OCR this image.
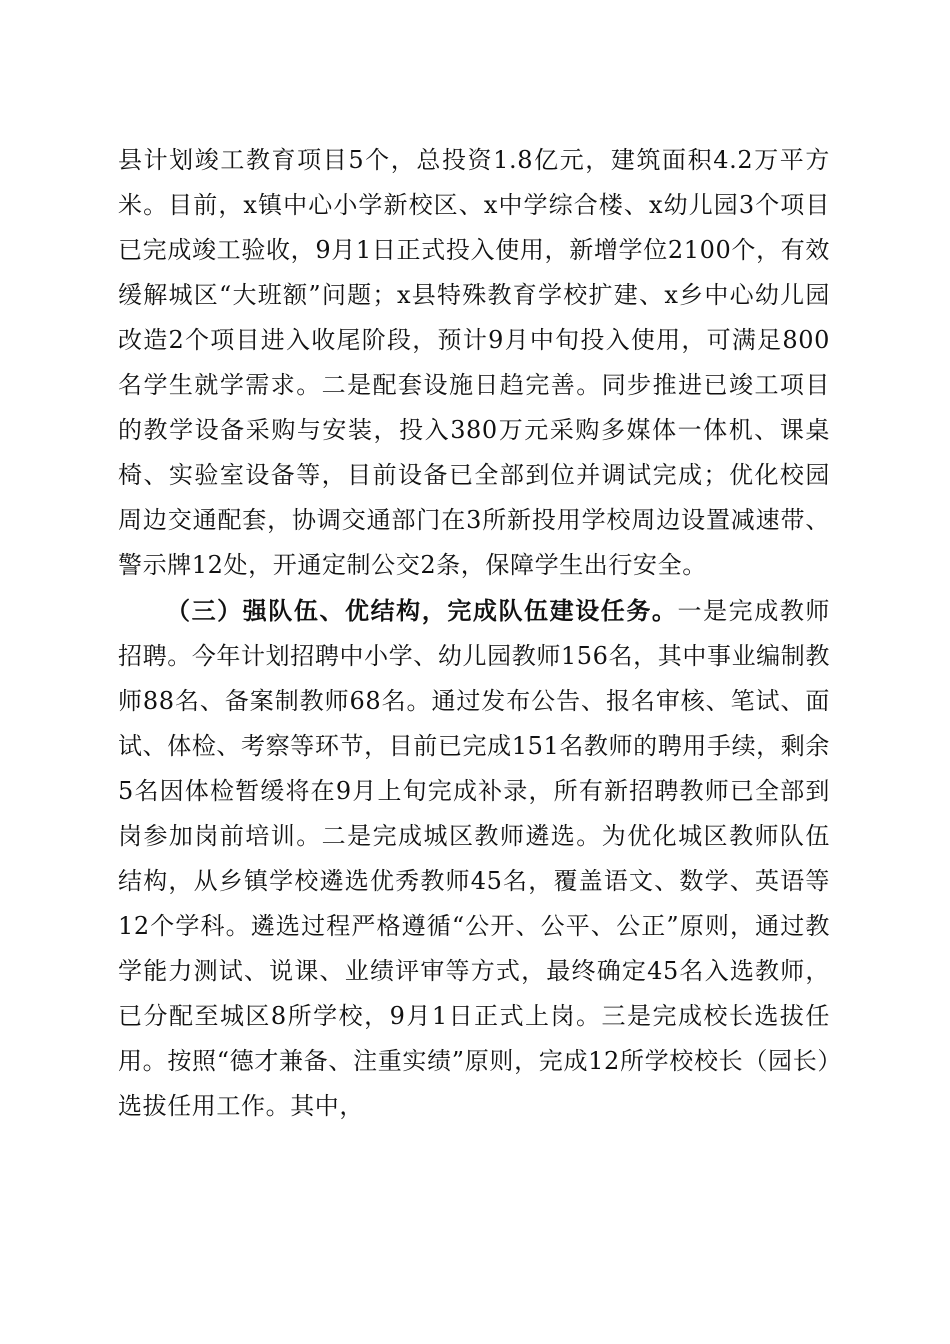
县计划竣工教育项目5个，总投资1.8亿元，建筑面积4.2万平方米。目前，x镇中心小学新校区、x中学综合楼、x幼儿园3个项目已完成竣工验收，9月1日正式投入使用，新增学位2100个，有效缓解城区“大班额”问题；x县特殊教育学校扩建、x乡中心幼儿园改造2个项目进入收尾阶段，预计9月中旬投入使用，可满足800名学生就学需求。二是配套设施日趋完善。同步推进已竣工项目的教学设备采购与安装，投入380万元采购多媒体一体机、课桌椅、实验室设备等，目前设备已全部到位并调试完成；优化校园周边交通配套，协调交通部门在3所新投用学校周边设置减速带、警示牌12处，开通定制公交2条，保障学生出行安全。

（三）强队伍、优结构，完成队伍建设任务。一是完成教师招聘。今年计划招聘中小学、幼儿园教师156名，其中事业编制教师88名、备案制教师68名。通过发布公告、报名审核、笔试、面试、体检、考察等环节，目前已完成151名教师的聘用手续，剩余5名因体检暂缓将在9月上旬完成补录，所有新招聘教师已全部到岗参加岗前培训。二是完成城区教师遴选。为优化城区教师队伍结构，从乡镇学校遴选优秀教师45名，覆盖语文、数学、英语等12个学科。遴选过程严格遵循“公开、公平、公正”原则，通过教学能力测试、说课、业绩评审等方式，最终确定45名入选教师，已分配至城区8所学校，9月1日正式上岗。三是完成校长选拔任用。按照“德才兼备、注重实绩”原则，完成12所学校校长（园长）选拔任用工作。其中，
